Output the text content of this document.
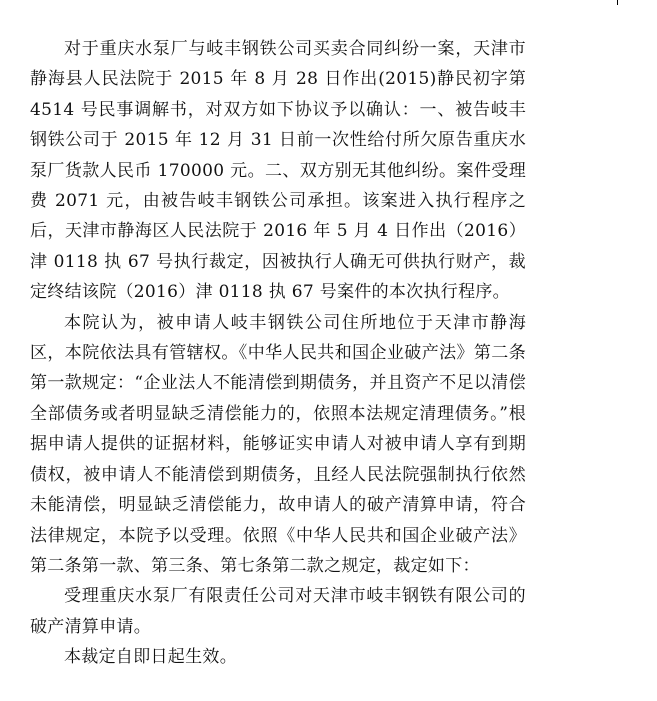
对于重庆水泵厂与岐丰钢铁公司买卖合同纠纷一案，天津市静海县人民法院于 2015 年 8 月 28 日作出(2015)静民初字第 4514 号民事调解书，对双方如下协议予以确认：一、被告岐丰钢铁公司于 2015 年 12 月 31 日前一次性给付所欠原告重庆水泵厂货款人民币 170000 元。二、双方别无其他纠纷。案件受理费 2071 元，由被告岐丰钢铁公司承担。该案进入执行程序之后，天津市静海区人民法院于 2016 年 5 月 4 日作出（2016）津 0118 执 67 号执行裁定，因被执行人确无可供执行财产，裁定终结该院（2016）津 0118 执 67 号案件的本次执行程序。

本院认为，被申请人岐丰钢铁公司住所地位于天津市静海区，本院依法具有管辖权。《中华人民共和国企业破产法》第二条第一款规定：“企业法人不能清偿到期债务，并且资产不足以清偿全部债务或者明显缺乏清偿能力的，依照本法规定清理债务。”根据申请人提供的证据材料，能够证实申请人对被申请人享有到期债权，被申请人不能清偿到期债务，且经人民法院强制执行依然未能清偿，明显缺乏清偿能力，故申请人的破产清算申请，符合法律规定，本院予以受理。依照《中华人民共和国企业破产法》第二条第一款、第三条、第七条第二款之规定，裁定如下：

受理重庆水泵厂有限责任公司对天津市岐丰钢铁有限公司的破产清算申请。

本裁定自即日起生效。
